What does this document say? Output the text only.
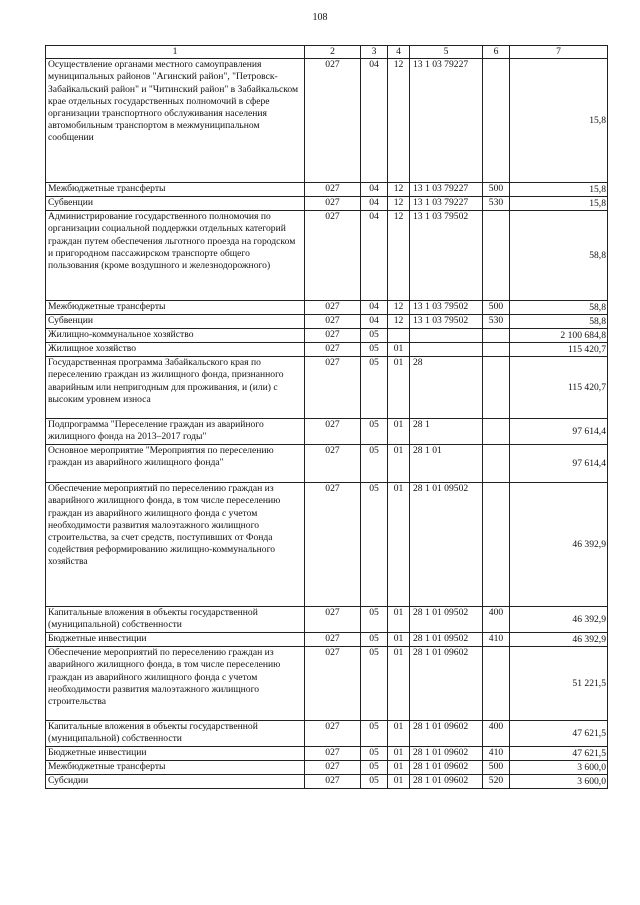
108
1	2	3	4	5	6	7
Осуществление органами местного самоуправления муниципальных районов "Агинский район", "Петровск-Забайкальский район" и "Читинский район" в Забайкальском крае отдельных государственных полномочий в сфере организации транспортного обслуживания населения автомобильным транспортом в межмуниципальном сообщении	027	04	12	13 1 03 79227		15,8
Межбюджетные трансферты	027	04	12	13 1 03 79227	500	15,8
Субвенции	027	04	12	13 1 03 79227	530	15,8
Администрирование государственного полномочия по организации социальной поддержки отдельных категорий граждан путем обеспечения льготного проезда на городском и пригородном пассажирском транспорте общего пользования (кроме воздушного и железнодорожного)	027	04	12	13 1 03 79502		58,8
Межбюджетные трансферты	027	04	12	13 1 03 79502	500	58,8
Субвенции	027	04	12	13 1 03 79502	530	58,8
Жилищно-коммунальное хозяйство	027	05				2 100 684,8
Жилищное хозяйство	027	05	01			115 420,7
Государственная программа Забайкальского края по переселению граждан из жилищного фонда, признанного аварийным или непригодным для проживания, и (или) с высоким уровнем износа	027	05	01	28		115 420,7
Подпрограмма "Переселение граждан из аварийного жилищного фонда на 2013–2017 годы"	027	05	01	28 1		97 614,4
Основное мероприятие "Мероприятия по переселению граждан из аварийного жилищного фонда"	027	05	01	28 1 01		97 614,4
Обеспечение мероприятий по переселению граждан из аварийного жилищного фонда, в том числе переселению граждан из аварийного жилищного фонда с учетом необходимости развития малоэтажного жилищного строительства, за счет средств, поступивших от Фонда содействия реформированию жилищно-коммунального хозяйства	027	05	01	28 1 01 09502		46 392,9
Капитальные вложения в объекты государственной (муниципальной) собственности	027	05	01	28 1 01 09502	400	46 392,9
Бюджетные инвестиции	027	05	01	28 1 01 09502	410	46 392,9
Обеспечение мероприятий по переселению граждан из аварийного жилищного фонда, в том числе переселению граждан из аварийного жилищного фонда с учетом необходимости развития малоэтажного жилищного строительства	027	05	01	28 1 01 09602		51 221,5
Капитальные вложения в объекты государственной (муниципальной) собственности	027	05	01	28 1 01 09602	400	47 621,5
Бюджетные инвестиции	027	05	01	28 1 01 09602	410	47 621,5
Межбюджетные трансферты	027	05	01	28 1 01 09602	500	3 600,0
Субсидии	027	05	01	28 1 01 09602	520	3 600,0
